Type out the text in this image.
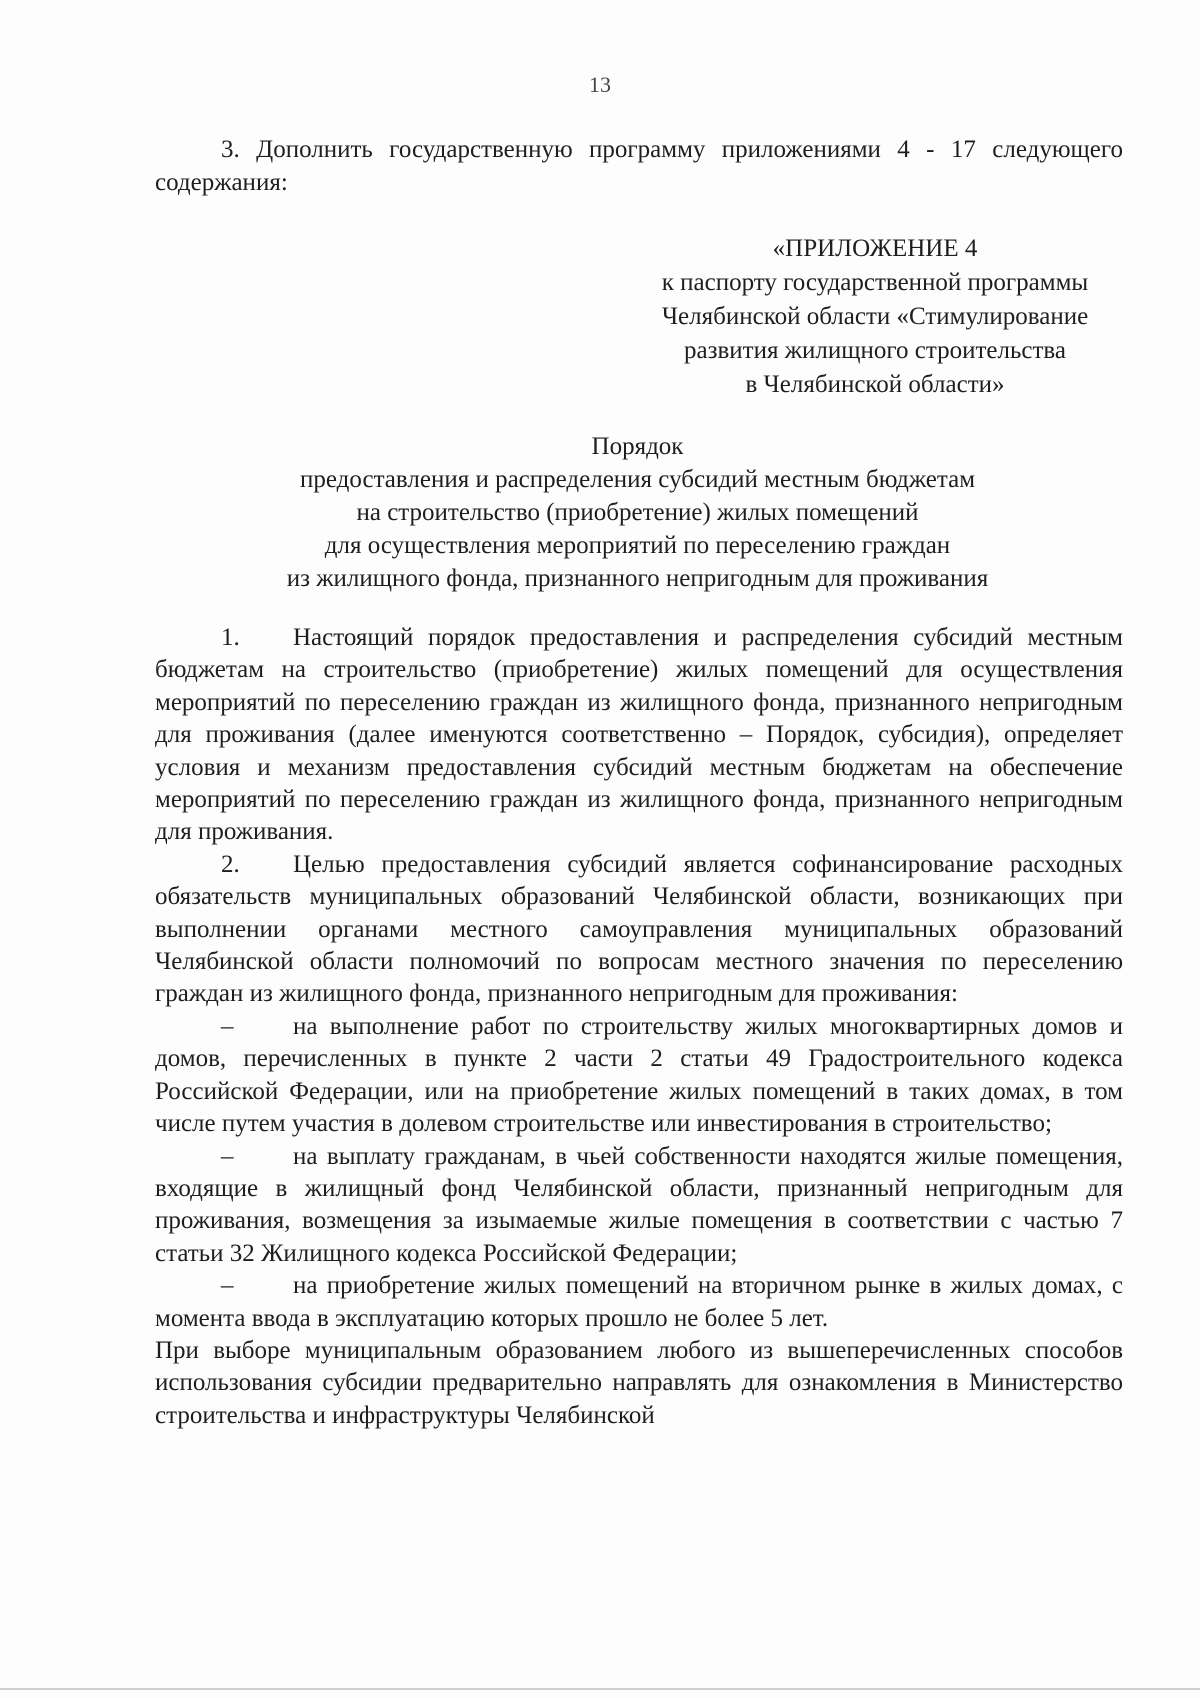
13

3. Дополнить государственную программу приложениями 4 - 17 следующего содержания:

«ПРИЛОЖЕНИЕ 4
к паспорту государственной программы
Челябинской области «Стимулирование
развития жилищного строительства
в Челябинской области»
Порядок
предоставления и распределения субсидий местным бюджетам
на строительство (приобретение) жилых помещений
для осуществления мероприятий по переселению граждан
из жилищного фонда, признанного непригодным для проживания

1. Настоящий порядок предоставления и распределения субсидий местным бюджетам на строительство (приобретение) жилых помещений для осуществления мероприятий по переселению граждан из жилищного фонда, признанного непригодным для проживания (далее именуются соответственно – Порядок, субсидия), определяет условия и механизм предоставления субсидий местным бюджетам на обеспечение мероприятий по переселению граждан из жилищного фонда, признанного непригодным для проживания.

2. Целью предоставления субсидий является софинансирование расходных обязательств муниципальных образований Челябинской области, возникающих при выполнении органами местного самоуправления муниципальных образований Челябинской области полномочий по вопросам местного значения по переселению граждан из жилищного фонда, признанного непригодным для проживания:

– на выполнение работ по строительству жилых многоквартирных домов и домов, перечисленных в пункте 2 части 2 статьи 49 Градостроительного кодекса Российской Федерации, или на приобретение жилых помещений в таких домах, в том числе путем участия в долевом строительстве или инвестирования в строительство;

– на выплату гражданам, в чьей собственности находятся жилые помещения, входящие в жилищный фонд Челябинской области, признанный непригодным для проживания, возмещения за изымаемые жилые помещения в соответствии с частью 7 статьи 32 Жилищного кодекса Российской Федерации;

– на приобретение жилых помещений на вторичном рынке в жилых домах, с момента ввода в эксплуатацию которых прошло не более 5 лет.

При выборе муниципальным образованием любого из вышеперечисленных способов использования субсидии предварительно направлять для ознакомления в Министерство строительства и инфраструктуры Челябинской
